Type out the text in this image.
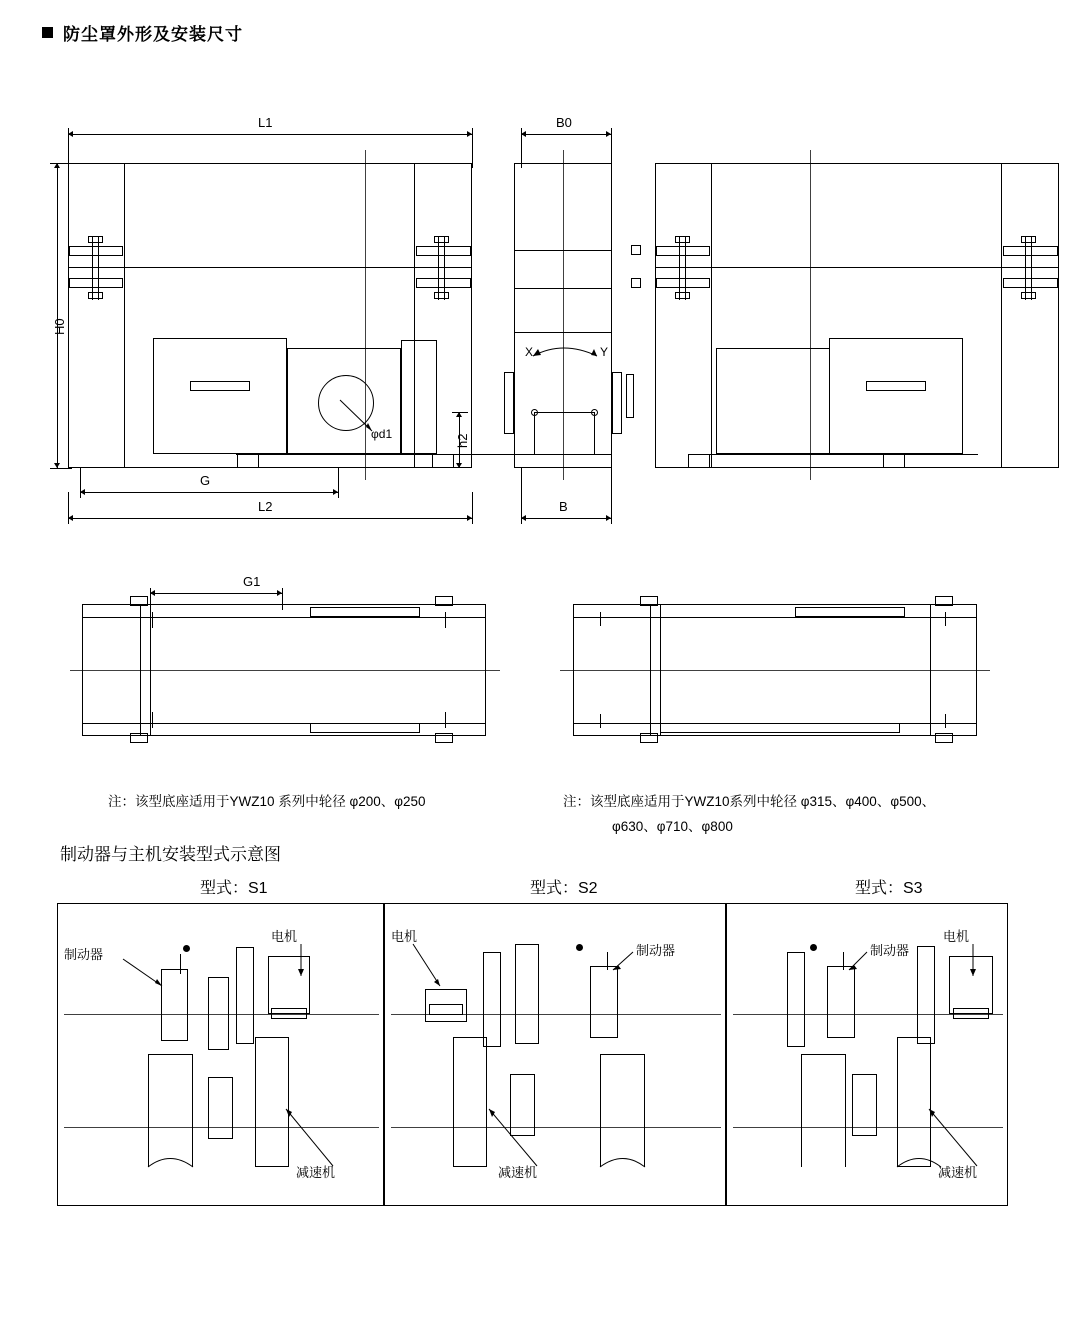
防尘罩外形及安装尺寸
L1	B0
H0
φd1	h2
G
L2
X	Y
B
G1
注：该型底座适用于YWZ10 系列中轮径 φ200、φ250	注：该型底座适用于YWZ10系列中轮径 φ315、φ400、φ500、
φ630、φ710、φ800
制动器与主机安装型式示意图
型式：S1	型式：S2	型式：S3
制动器
电机
减速机
电机
制动器
减速机
制动器
电机
减速机
